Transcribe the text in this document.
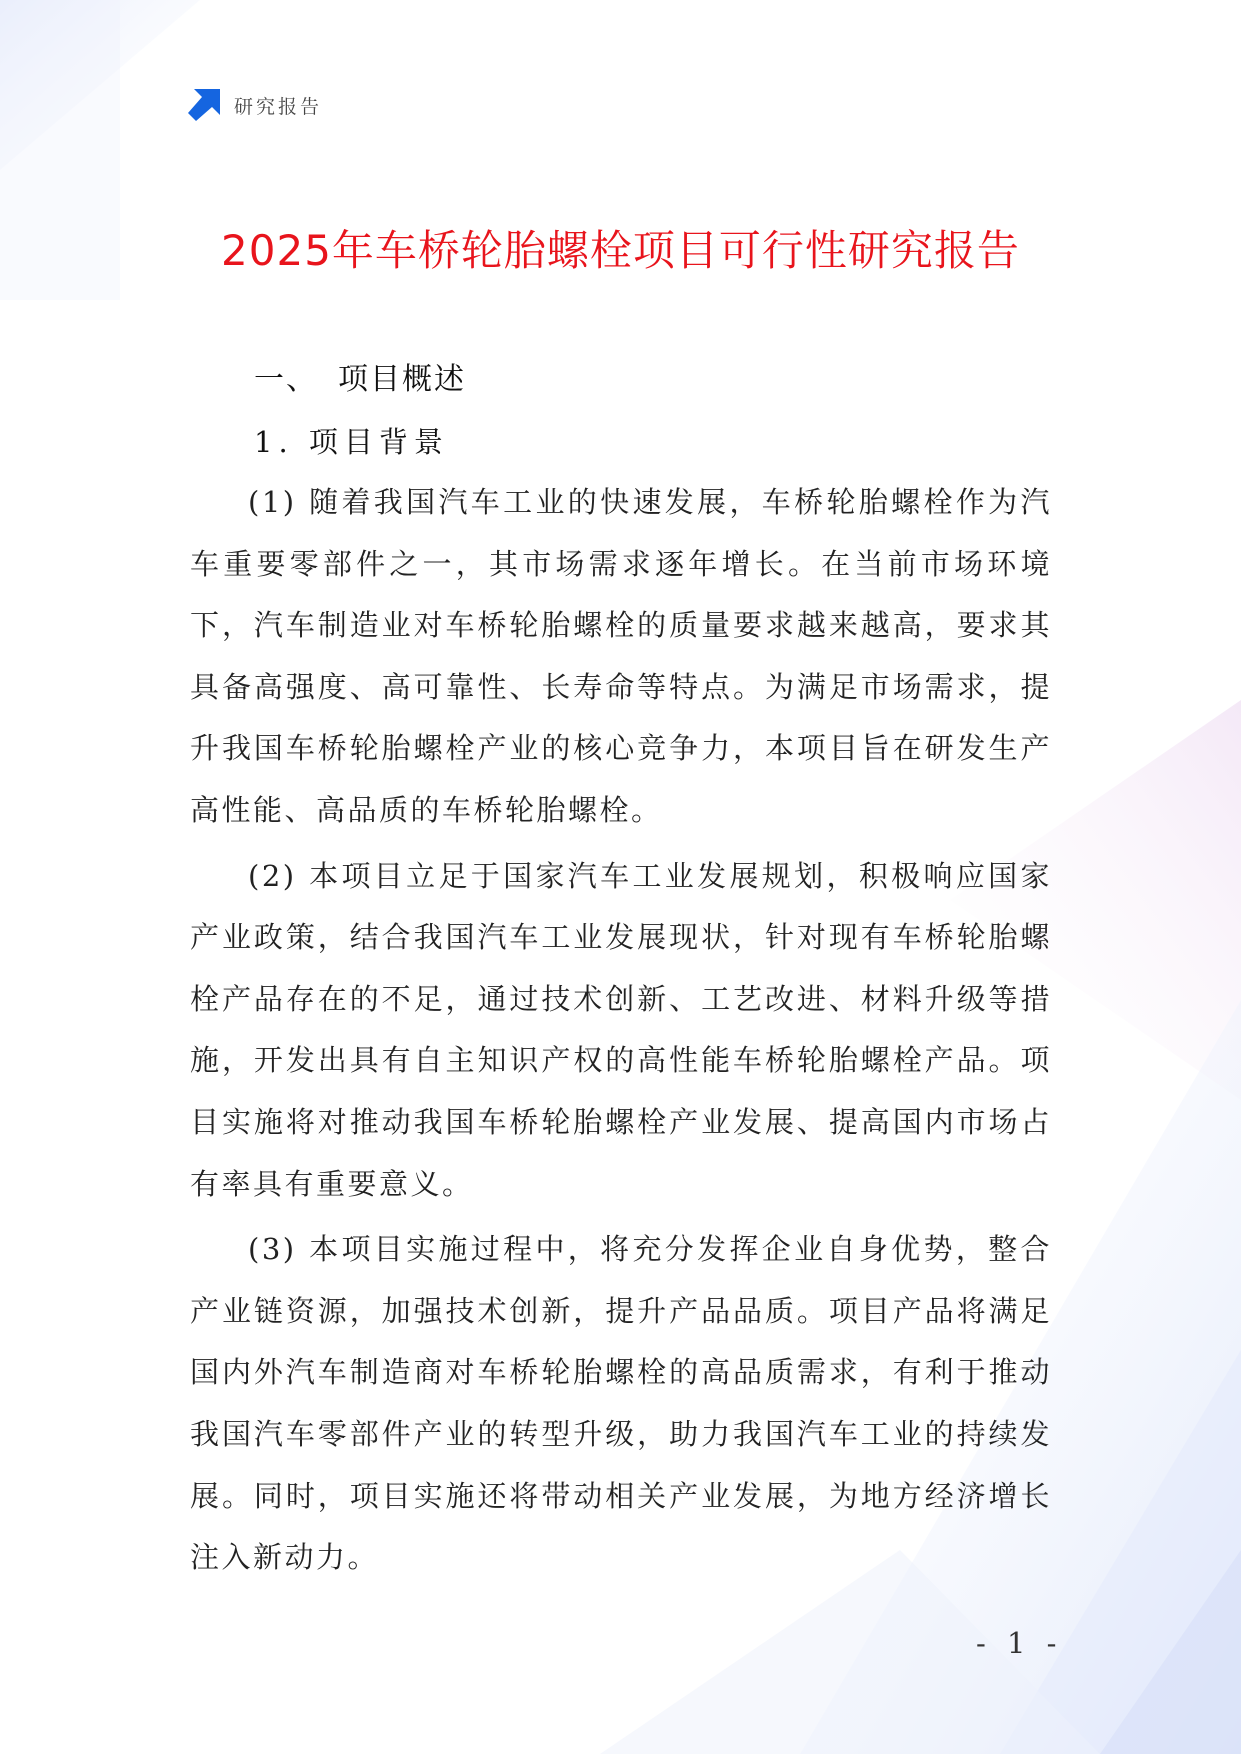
研究报告
2025年车桥轮胎螺栓项目可行性研究报告
一、 项目概述
1. 项目背景

(1) 随着我国汽车工业的快速发展，车桥轮胎螺栓作为汽车重要零部件之一，其市场需求逐年增长。在当前市场环境下，汽车制造业对车桥轮胎螺栓的质量要求越来越高，要求其具备高强度、高可靠性、长寿命等特点。为满足市场需求，提升我国车桥轮胎螺栓产业的核心竞争力，本项目旨在研发生产高性能、高品质的车桥轮胎螺栓。

(2) 本项目立足于国家汽车工业发展规划，积极响应国家产业政策，结合我国汽车工业发展现状，针对现有车桥轮胎螺栓产品存在的不足，通过技术创新、工艺改进、材料升级等措施，开发出具有自主知识产权的高性能车桥轮胎螺栓产品。项目实施将对推动我国车桥轮胎螺栓产业发展、提高国内市场占有率具有重要意义。

(3) 本项目实施过程中，将充分发挥企业自身优势，整合产业链资源，加强技术创新，提升产品品质。项目产品将满足国内外汽车制造商对车桥轮胎螺栓的高品质需求，有利于推动我国汽车零部件产业的转型升级，助力我国汽车工业的持续发展。同时，项目实施还将带动相关产业发展，为地方经济增长注入新动力。

- 1 -
